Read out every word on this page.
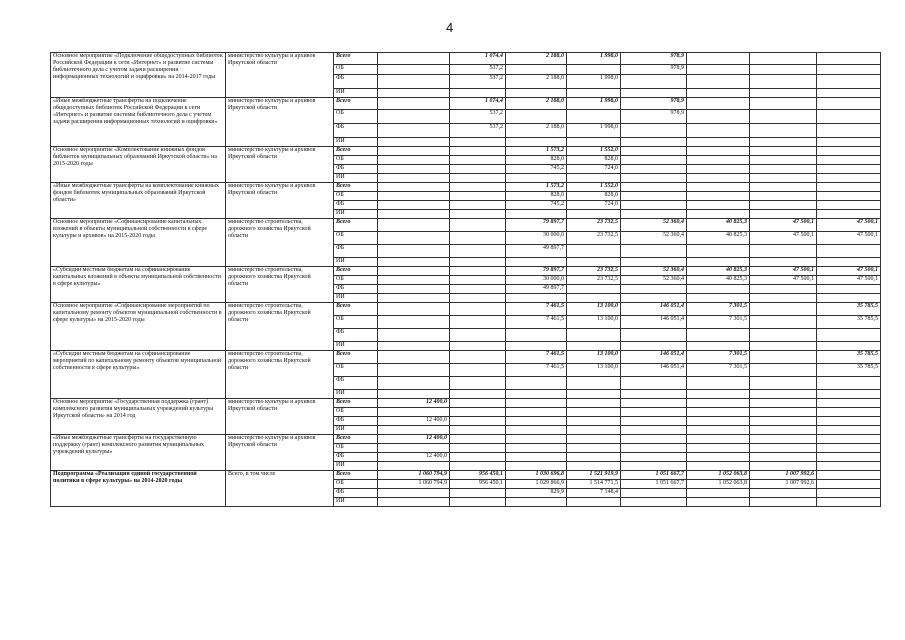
4
Основное мероприятие «Подключение общедоступных библиотек Российской Федерации к сети «Интернет» и развитие системы библиотечного дела с учетом задачи расширения информационных технологий и оцифровки» на 2014-2017 годы	министерство культуры и архивов Иркутской области	Всего		1 074,4	2 188,0	1 998,0	978,9			
		ОБ		537,2			978,9			
		ФБ		537,2	2 188,0	1 998,0				
		ИИ								

«Иные межбюджетные трансферты на подключение общедоступных библиотек Российской Федерации к сети «Интернет» и развитие системы библиотечного дела с учетом задачи расширения информационных технологий и оцифровки»	министерство культуры и архивов Иркутской области	Всего		1 074,4	2 188,0	1 998,0	978,9			
		ОБ		537,2			978,9			
		ФБ		537,2	2 188,0	1 998,0				
		ИИ								

Основное мероприятие «Комплектование книжных фондов библиотек муниципальных образований Иркутской области» на 2015-2020 годы	министерство культуры и архивов Иркутской области	Всего			1 573,2	1 552,0				
		ОБ			828,0	828,0				
		ФБ			745,2	724,0				
		ИИ								

«Иные межбюджетные трансферты на комплектование книжных фондов библиотек муниципальных образований Иркутской области»	министерство культуры и архивов Иркутской области	Всего			1 573,2	1 552,0				
		ОБ			828,0	828,0				
		ФБ			745,2	724,0				
		ИИ								

Основное мероприятие «Софинансирование капитальных вложений в объекты муниципальной собственности в сфере культуры и архивов» на 2015-2020 годы	министерство строительства, дорожного хозяйства Иркутской области	Всего			79 897,7	23 732,5	52 360,4	40 825,3	47 500,1	47 500,1
		ОБ			30 000,0	23 732,5	52 360,4	40 825,3	47 500,1	47 500,1
		ФБ			49 897,7					
		ИИ								

«Субсидии местным бюджетам на софинансирование капитальных вложений в объекты муниципальной собственности в сфере культуры»	министерство строительства, дорожного хозяйства Иркутской области	Всего			79 897,7	23 732,5	52 360,4	40 825,3	47 500,1	47 500,1
		ОБ			30 000,0	23 732,5	52 360,4	40 825,3	47 500,1	47 500,1
		ФБ			49 897,7					
		ИИ								

Основное мероприятие «Софинансирование мероприятий по капитальному ремонту объектов муниципальной собственности в сфере культуры» на 2015-2020 годы	министерство строительства, дорожного хозяйства Иркутской области	Всего			7 461,5	13 100,0	146 051,4	7 301,5		35 785,5
		ОБ			7 461,5	13 100,0	146 051,4	7 301,5		35 785,5
		ФБ								
		ИИ								

«Субсидии местным бюджетам на софинансирование мероприятий по капитальному ремонту объектов муниципальной собственности в сфере культуры»	министерство строительства, дорожного хозяйства Иркутской области	Всего			7 461,5	13 100,0	146 051,4	7 301,5		35 785,5
		ОБ			7 461,5	13 100,0	146 051,4	7 301,5		35 785,5
		ФБ								
		ИИ								

Основное мероприятие «Государственная поддержка (грант) комплексного развития муниципальных учреждений культуры Иркутской области» на 2014 год	министерство культуры и архивов Иркутской области	Всего	12 400,0							
		ОБ								
		ФБ	12 400,0							
		ИИ								

«Иные межбюджетные трансферты на государственную поддержку (грант) комплексного развития муниципальных учреждений культуры»	министерство культуры и архивов Иркутской области	Всего	12 400,0							
		ОБ								
		ФБ	12 400,0							
		ИИ								

Подпрограмма «Реализация единой государственной политики в сфере культуры» на 2014-2020 годы	Всего, в том числе	Всего	1 060 794,9	956 450,1	1 030 696,8	1 521 919,9	1 051 667,7	1 052 063,8	1 007 992,6	
		ОБ	1 060 794,9	956 450,1	1 029 866,9	1 514 771,5	1 051 667,7	1 052 063,8	1 007 992,6	
		ФБ			829,9	7 148,4				
		ИИ								
